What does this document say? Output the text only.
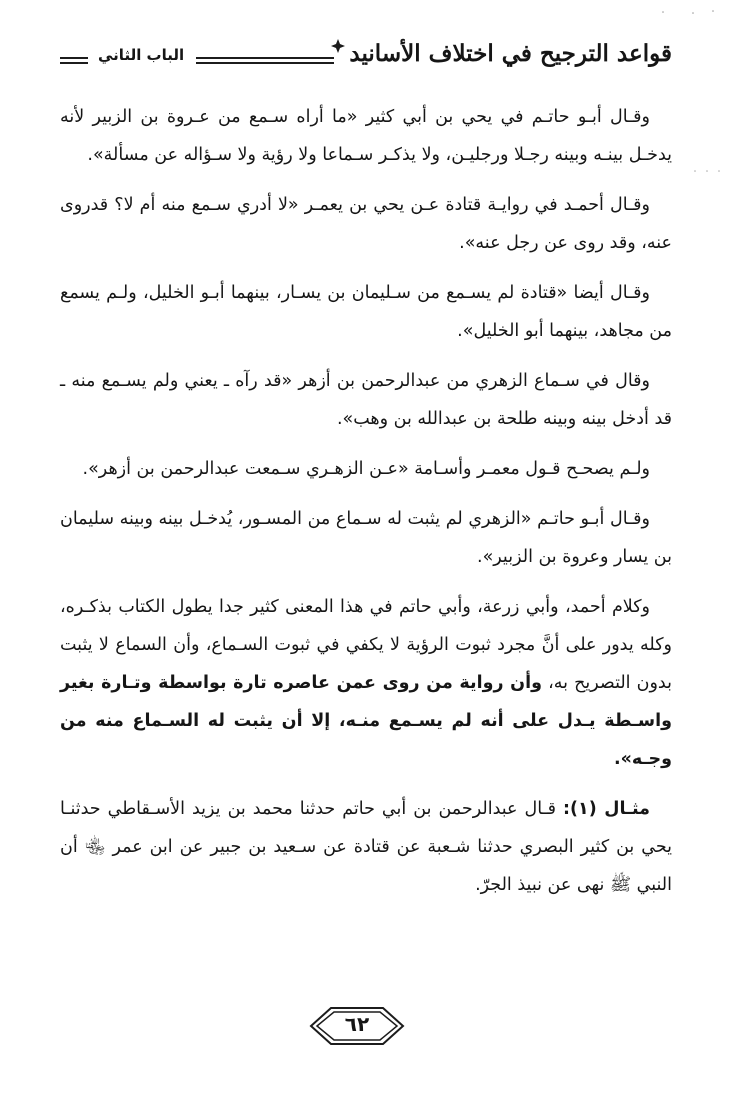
قواعد الترجيح في اختلاف الأسانيد
الباب الثاني

وقـال أبـو حاتـم في يحي بن أبي كثير «ما أراه سـمع من عـروة بن الزبير لأنه يدخـل بينـه وبينه رجـلا ورجليـن، ولا يذكـر سـماعا ولا رؤية ولا سـؤاله عن مسألة».

وقـال أحمـد في روايـة قتادة عـن يحي بن يعمـر «لا أدري سـمع منه أم لا؟ قدروى عنه، وقد روى عن رجل عنه».

وقـال أيضا «قتادة لم يسـمع من سـليمان بن يسـار، بينهما أبـو الخليل، ولـم يسمع من مجاهد، بينهما أبو الخليل».

وقال في سـماع الزهري من عبدالرحمن بن أزهر «قد رآه ـ يعني ولم يسـمع منه ـ قد أدخل بينه وبينه طلحة بن عبدالله بن وهب».

ولـم يصحـح قـول معمـر وأسـامة «عـن الزهـري سـمعت عبدالرحمن بن أزهر».

وقـال أبـو حاتـم «الزهري لم يثبت له سـماع من المسـور، يُدخـل بينه وبينه سليمان بن يسار وعروة بن الزبير».

وكلام أحمد، وأبي زرعة، وأبي حاتم في هذا المعنى كثير جدا يطول الكتاب بذكـره، وكله يدور على أنَّ مجرد ثبوت الرؤية لا يكفي في ثبوت السـماع، وأن السماع لا يثبت بدون التصريح به، وأن رواية من روى عمن عاصره تارة بواسطة وتـارة بغير واسـطة يـدل على أنه لم يسـمع منـه، إلا أن يثبت له السـماع منه من وجـه».

مثـال (١): قـال عبدالرحمن بن أبي حاتم حدثنا محمد بن يزيد الأسـقاطي حدثنـا يحي بن كثير البصري حدثنا شـعبة عن قتادة عن سـعيد بن جبير عن ابن عمر ﵄ أن النبي ﷺ نهى عن نبيذ الجرّ.

٦٢
